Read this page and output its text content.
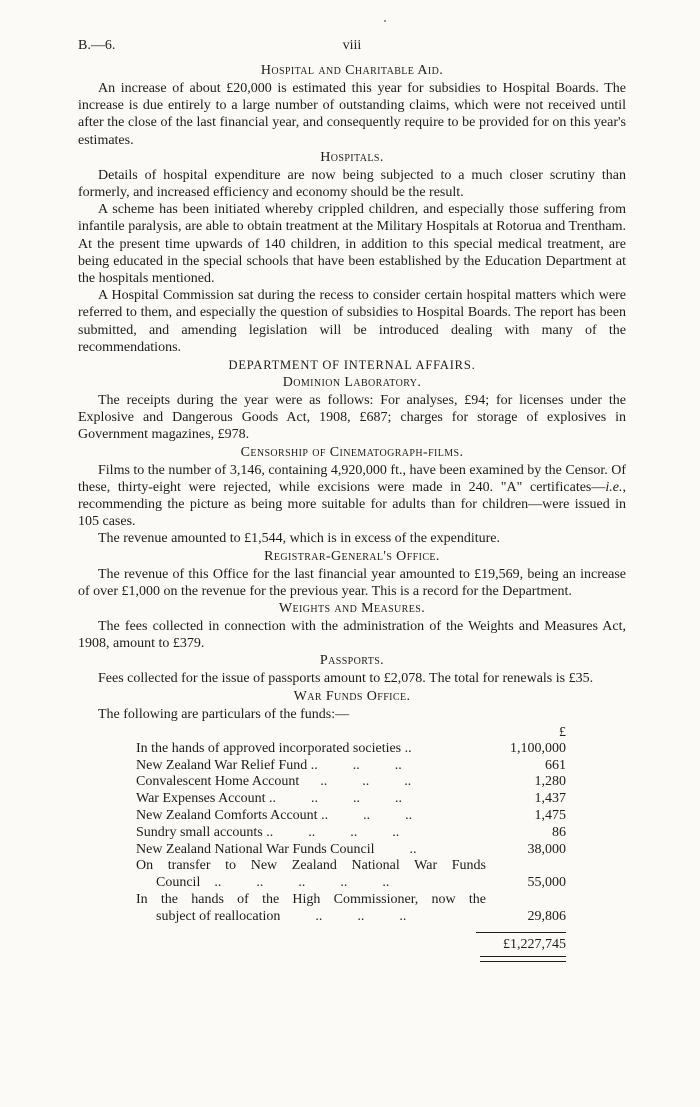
B.—6.	viii
Hospital and Charitable Aid.

An increase of about £20,000 is estimated this year for subsidies to Hospital Boards. The increase is due entirely to a large number of outstanding claims, which were not received until after the close of the last financial year, and consequently require to be provided for on this year's estimates.

Hospitals.

Details of hospital expenditure are now being subjected to a much closer scrutiny than formerly, and increased efficiency and economy should be the result.

A scheme has been initiated whereby crippled children, and especially those suffering from infantile paralysis, are able to obtain treatment at the Military Hospitals at Rotorua and Trentham. At the present time upwards of 140 children, in addition to this special medical treatment, are being educated in the special schools that have been established by the Education Department at the hospitals mentioned.

A Hospital Commission sat during the recess to consider certain hospital matters which were referred to them, and especially the question of subsidies to Hospital Boards. The report has been submitted, and amending legislation will be introduced dealing with many of the recommendations.

DEPARTMENT OF INTERNAL AFFAIRS.
Dominion Laboratory.

The receipts during the year were as follows: For analyses, £94; for licenses under the Explosive and Dangerous Goods Act, 1908, £687; charges for storage of explosives in Government magazines, £978.

Censorship of Cinematograph-films.

Films to the number of 3,146, containing 4,920,000 ft., have been examined by the Censor. Of these, thirty-eight were rejected, while excisions were made in 240. "A" certificates—i.e., recommending the picture as being more suitable for adults than for children—were issued in 105 cases.

The revenue amounted to £1,544, which is in excess of the expenditure.

Registrar-General's Office.

The revenue of this Office for the last financial year amounted to £19,569, being an increase of over £1,000 on the revenue for the previous year. This is a record for the Department.

Weights and Measures.

The fees collected in connection with the administration of the Weights and Measures Act, 1908, amount to £379.

Passports.

Fees collected for the issue of passports amount to £2,078. The total for renewals is £35.

War Funds Office.

The following are particulars of the funds:—

£
In the hands of approved incorporated societies ..	1,100,000
New Zealand War Relief Fund ..          ..          ..	661
Convalescent Home Account      ..          ..          ..	1,280
War Expenses Account ..          ..          ..          ..	1,437
New Zealand Comforts Account ..          ..          ..	1,475
Sundry small accounts ..          ..          ..          ..	86
New Zealand National War Funds Council          ..	38,000
On transfer to New Zealand National War Funds
Council    ..          ..          ..          ..          ..	55,000
In the hands of the High Commissioner, now the
subject of reallocation          ..          ..          ..	29,806
£1,227,745
